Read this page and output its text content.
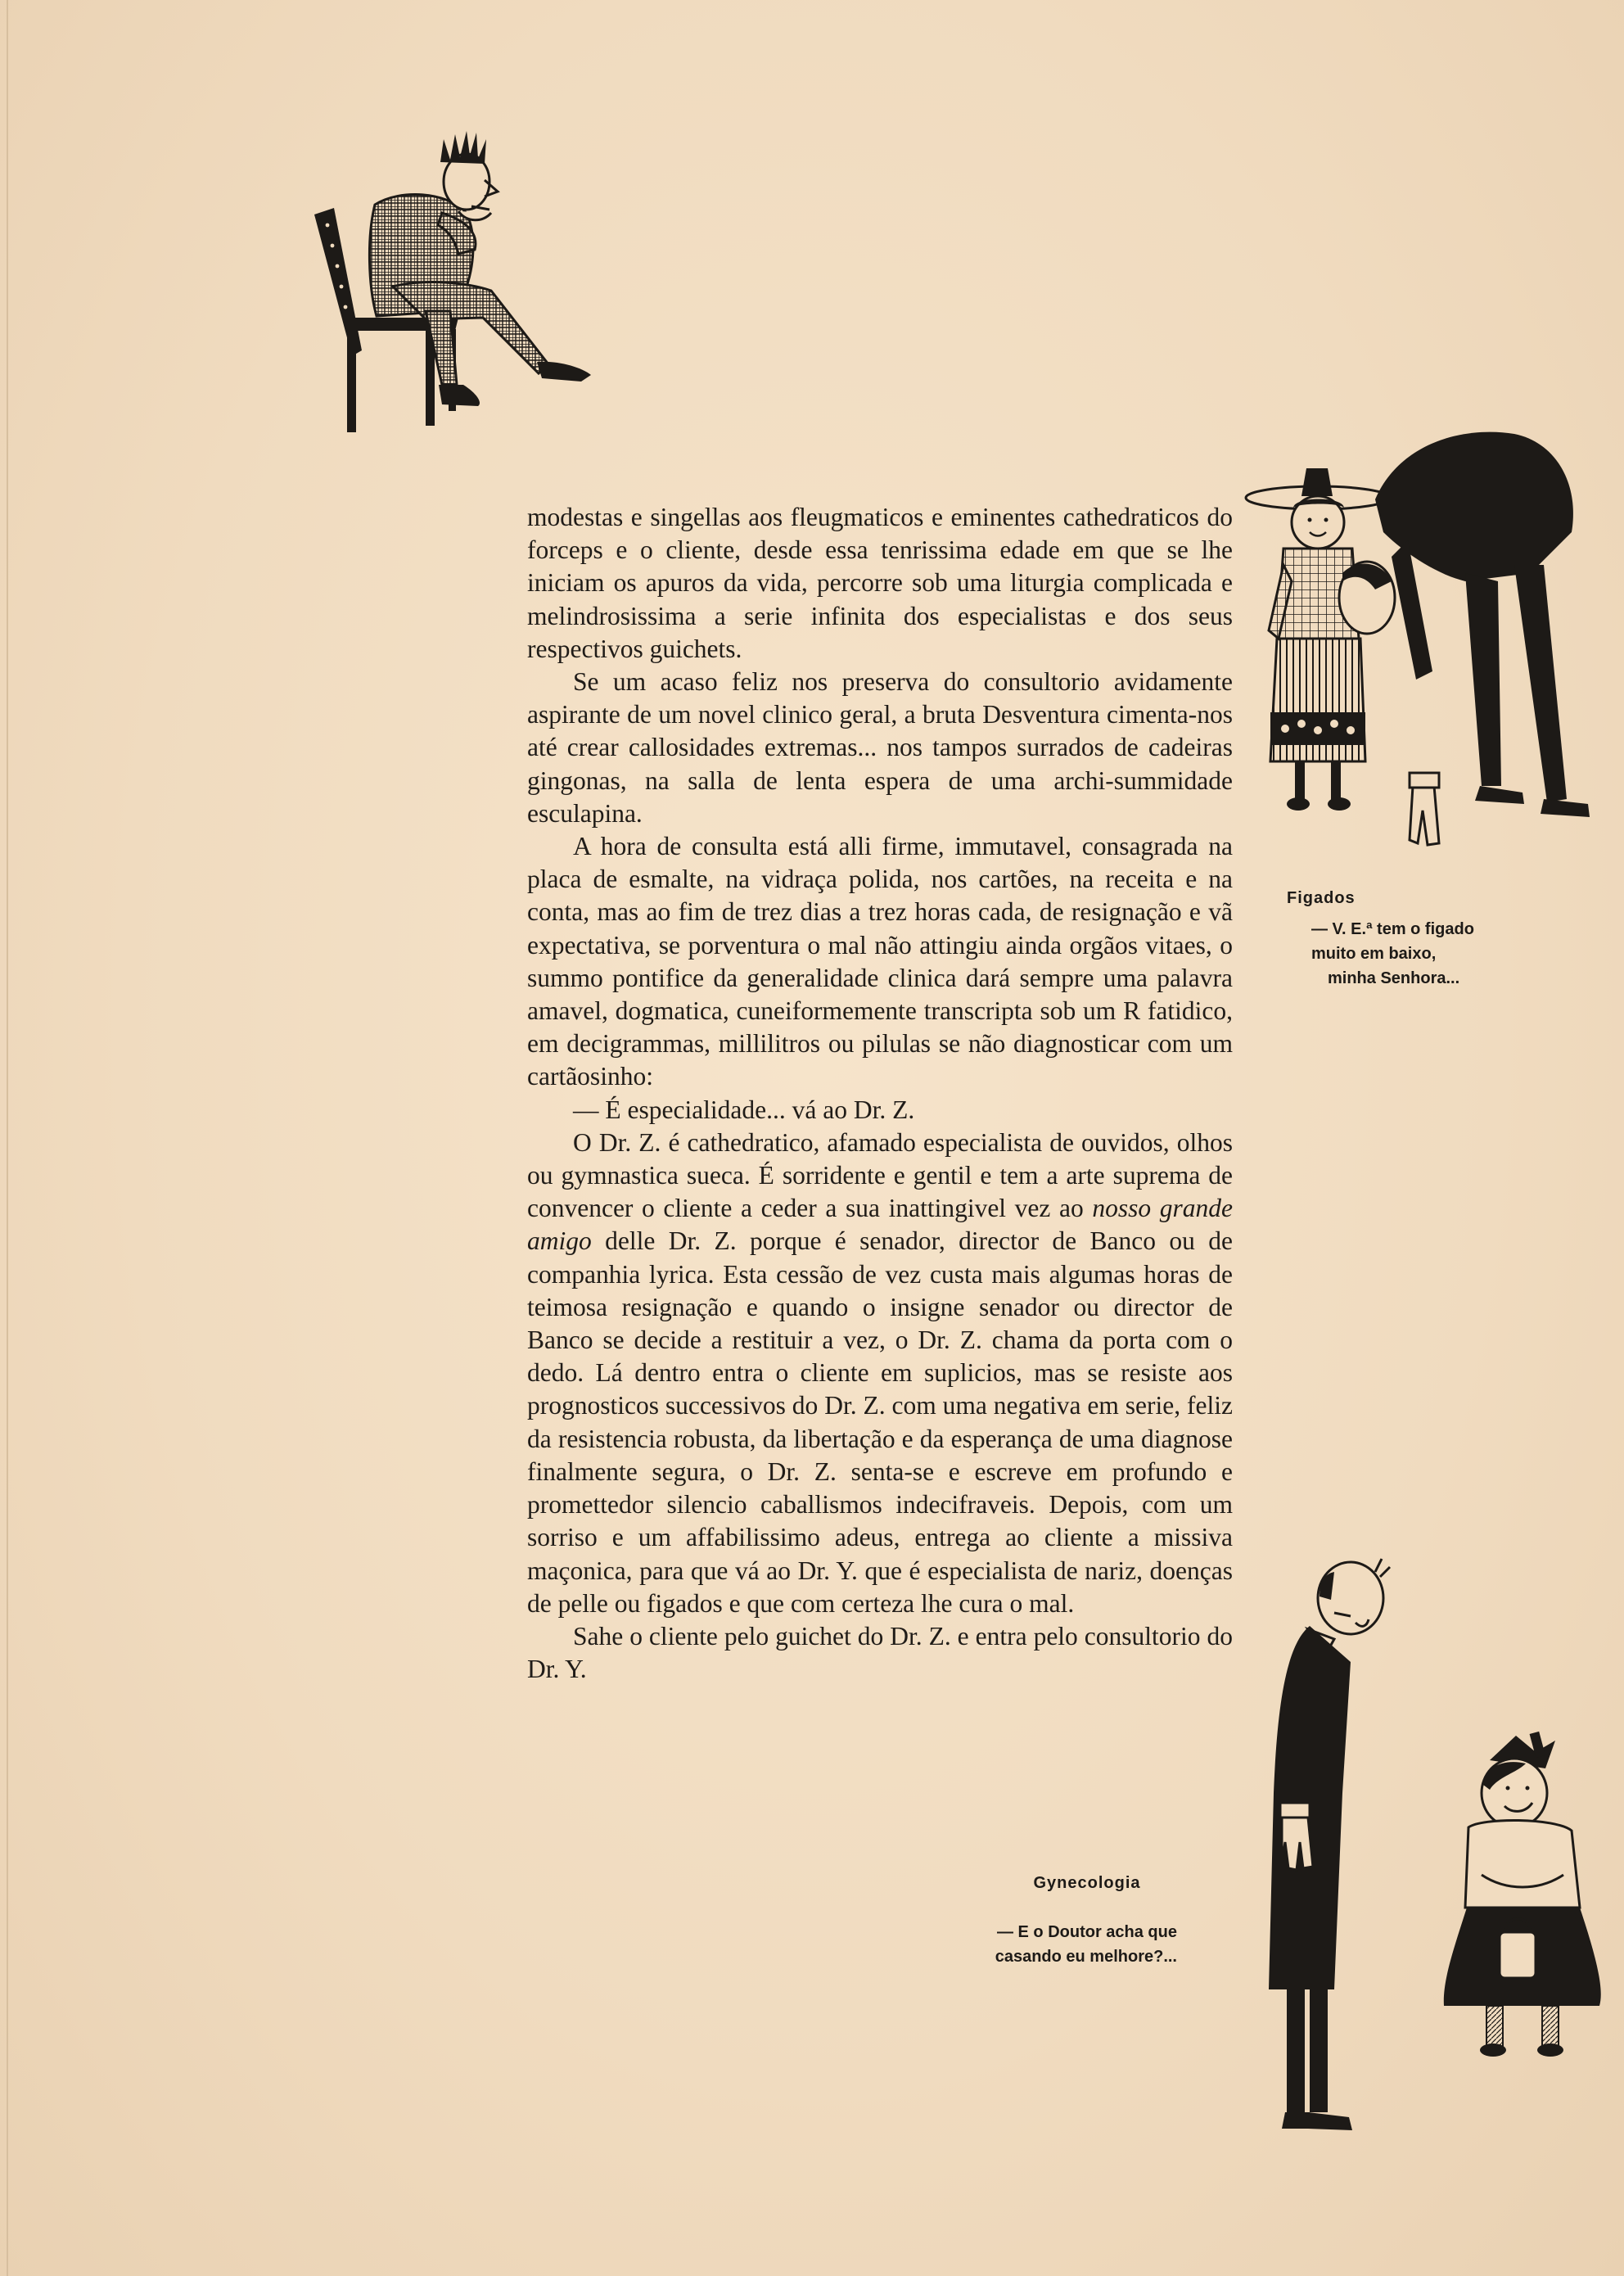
modestas e singellas aos fleugmaticos e eminentes cathedraticos do forceps e o cliente, desde essa tenrissima edade em que se lhe iniciam os apuros da vida, percorre sob uma liturgia complicada e melindrosissima a serie infinita dos especialistas e dos seus respectivos guichets.

Se um acaso feliz nos preserva do consultorio avidamente aspirante de um novel clinico geral, a bruta Desventura cimenta-nos até crear callosidades extremas... nos tampos surrados de cadeiras gingonas, na salla de lenta espera de uma archi-summidade esculapina.

A hora de consulta está alli firme, immutavel, consagrada na placa de esmalte, na vidraça polida, nos cartões, na receita e na conta, mas ao fim de trez dias a trez horas cada, de resignação e vã expectativa, se porventura o mal não attingiu ainda orgãos vitaes, o summo pontifice da generalidade clinica dará sempre uma palavra amavel, dogmatica, cuneiformemente transcripta sob um R fatidico, em decigrammas, millilitros ou pilulas se não diagnosticar com um cartãosinho:

— É especialidade... vá ao Dr. Z.

O Dr. Z. é cathedratico, afamado especialista de ouvidos, olhos ou gymnastica sueca. É sorridente e gentil e tem a arte suprema de convencer o cliente a ceder a sua inattingivel vez ao nosso grande amigo delle Dr. Z. porque é senador, director de Banco ou de companhia lyrica. Esta cessão de vez custa mais algumas horas de teimosa resignação e quando o insigne senador ou director de Banco se decide a restituir a vez, o Dr. Z. chama da porta com o dedo. Lá dentro entra o cliente em suplicios, mas se resiste aos prognosticos successivos do Dr. Z. com uma negativa em serie, feliz da resistencia robusta, da libertação e da esperança de uma diagnose finalmente segura, o Dr. Z. senta-se e escreve em profundo e promettedor silencio caballismos indecifraveis. Depois, com um sorriso e um affabilissimo adeus, entrega ao cliente a missiva maçonica, para que vá ao Dr. Y. que é especialista de nariz, doenças de pelle ou figados e que com certeza lhe cura o mal.

Sahe o cliente pelo guichet do Dr. Z. e entra pelo consultorio do Dr. Y.

Figados
— V. E.ª tem o figado
muito em baixo,
minha Senhora...
Gynecologia
— E o Doutor acha que
casando eu melhore?...
